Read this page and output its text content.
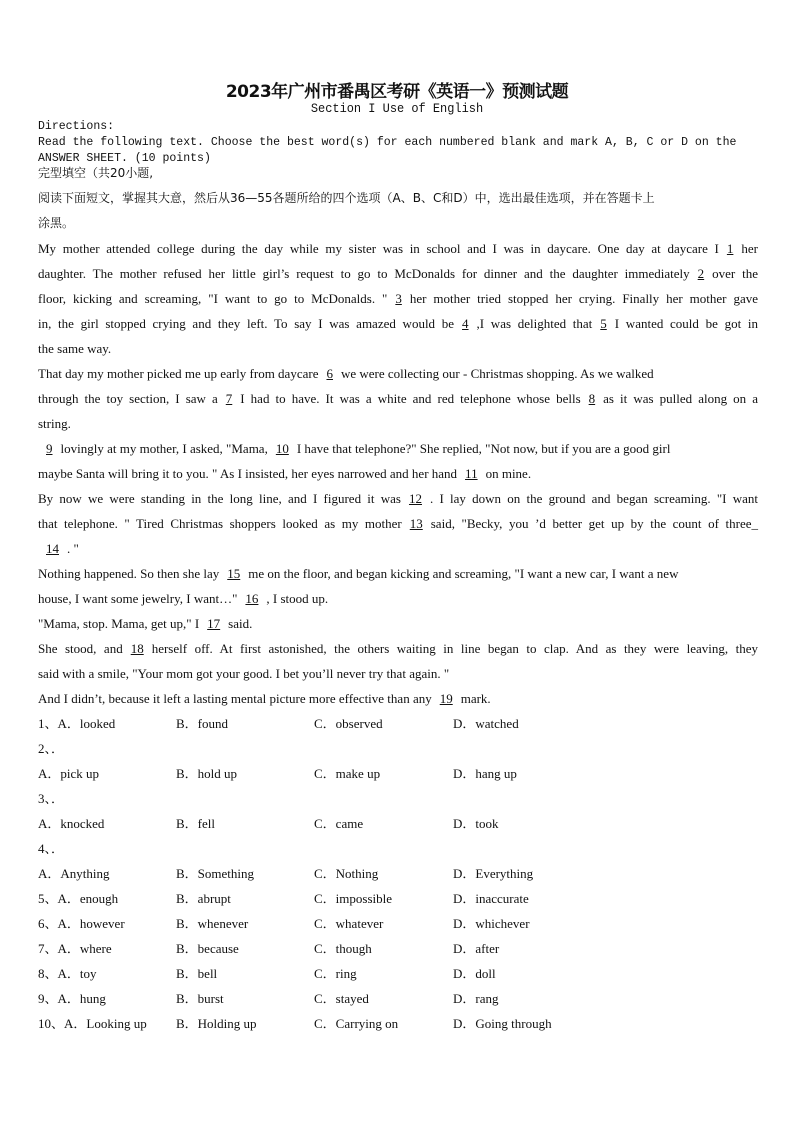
2023年广州市番禺区考研《英语一》预测试题
Section I Use of English
Directions:
Read the following text. Choose the best word(s) for each numbered blank and mark A, B, C or D on the
ANSWER SHEET. (10 points)
完型填空（共20小题,
阅读下面短文，掌握其大意，然后从36—55各题所给的四个选项（A、B、C和D）中，选出最佳选项，并在答题卡上
涂黑。
My mother attended college during the day while my sister was in school and I was in daycare. One day at daycare I 1 her
daughter. The mother refused her little girl’s request to go to McDonalds for dinner and the daughter immediately 2 over the
floor, kicking and screaming, "I want to go to McDonalds. " 3 her mother tried stopped her crying. Finally her mother gave
in, the girl stopped crying and they left. To say I was amazed would be 4 ,I was delighted that 5 I wanted could be got in
the same way.
That day my mother picked me up early from daycare 6 we were collecting our - Christmas shopping. As we walked
through the toy section, I saw a 7 I had to have. It was a white and red telephone whose bells 8 as it was pulled along on a
string.
9 lovingly at my mother, I asked, "Mama, 10 I have that telephone?" She replied, "Not now, but if you are a good girl
maybe Santa will bring it to you. " As I insisted, her eyes narrowed and her hand 11 on mine.
By now we were standing in the long line, and I figured it was 12 . I lay down on the ground and began screaming. "I want
that telephone. " Tired Christmas shoppers looked as my mother 13 said, "Becky, you ’d better get up by the count of three_
14 . "
Nothing happened. So then she lay 15 me on the floor, and began kicking and screaming, "I want a new car, I want a new
house, I want some jewelry, I want…" 16 , I stood up.
"Mama, stop. Mama, get up," I 17 said.
She stood, and 18 herself off. At first astonished, the others waiting in line began to clap. And as they were leaving, they
said with a smile, "Your mom got your good. I bet you’ll never try that again. "
And I didn’t, because it left a lasting mental picture more effective than any 19 mark.
1、A．looked	B．found	C．observed	D．watched
2、．
A．pick up	B．hold up	C．make up	D．hang up
3、．
A．knocked	B．fell	C．came	D．took
4、．
A．Anything	B．Something	C．Nothing	D．Everything
5、A．enough	B．abrupt	C．impossible	D．inaccurate
6、A．however	B．whenever	C．whatever	D．whichever
7、A．where	B．because	C．though	D．after
8、A．toy	B．bell	C．ring	D．doll
9、A．hung	B．burst	C．stayed	D．rang
10、A．Looking up B．Holding up	C．Carrying on	D．Going through
